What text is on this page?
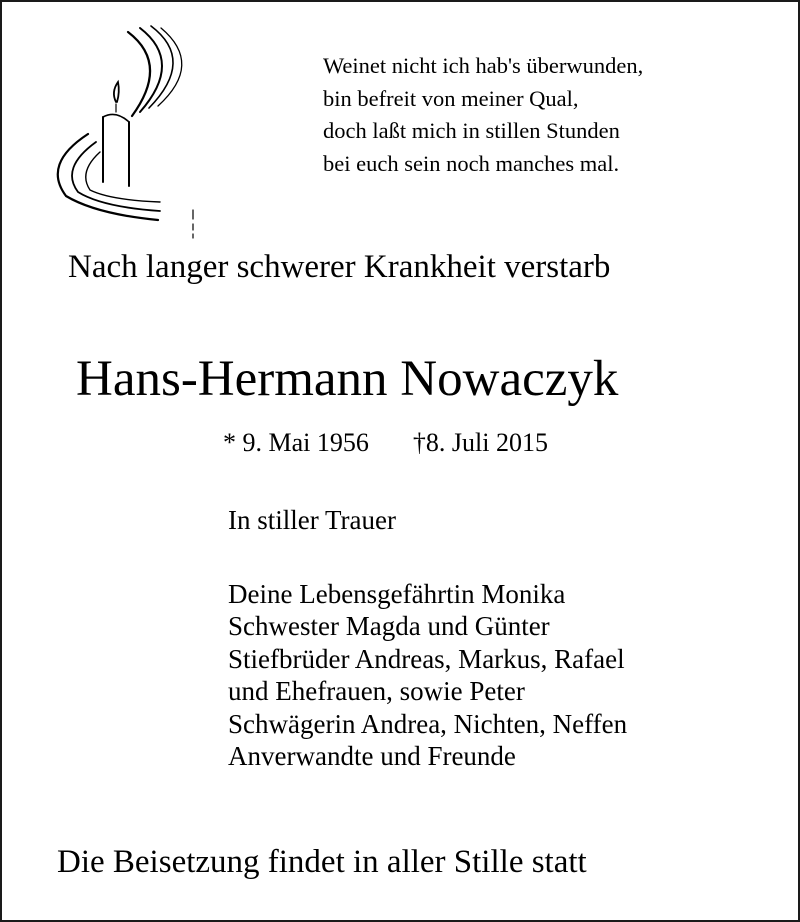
Weinet nicht ich hab's überwunden,
bin befreit von meiner Qual,
doch laßt mich in stillen Stunden
bei euch sein noch manches mal.
Nach langer schwerer Krankheit verstarb
Hans-Hermann Nowaczyk
* 9. Mai 1956 †8. Juli 2015
In stiller Trauer
Deine Lebensgefährtin Monika
Schwester Magda und Günter
Stiefbrüder Andreas, Markus, Rafael
und Ehefrauen, sowie Peter
Schwägerin Andrea, Nichten, Neffen
Anverwandte und Freunde
Die Beisetzung findet in aller Stille statt
